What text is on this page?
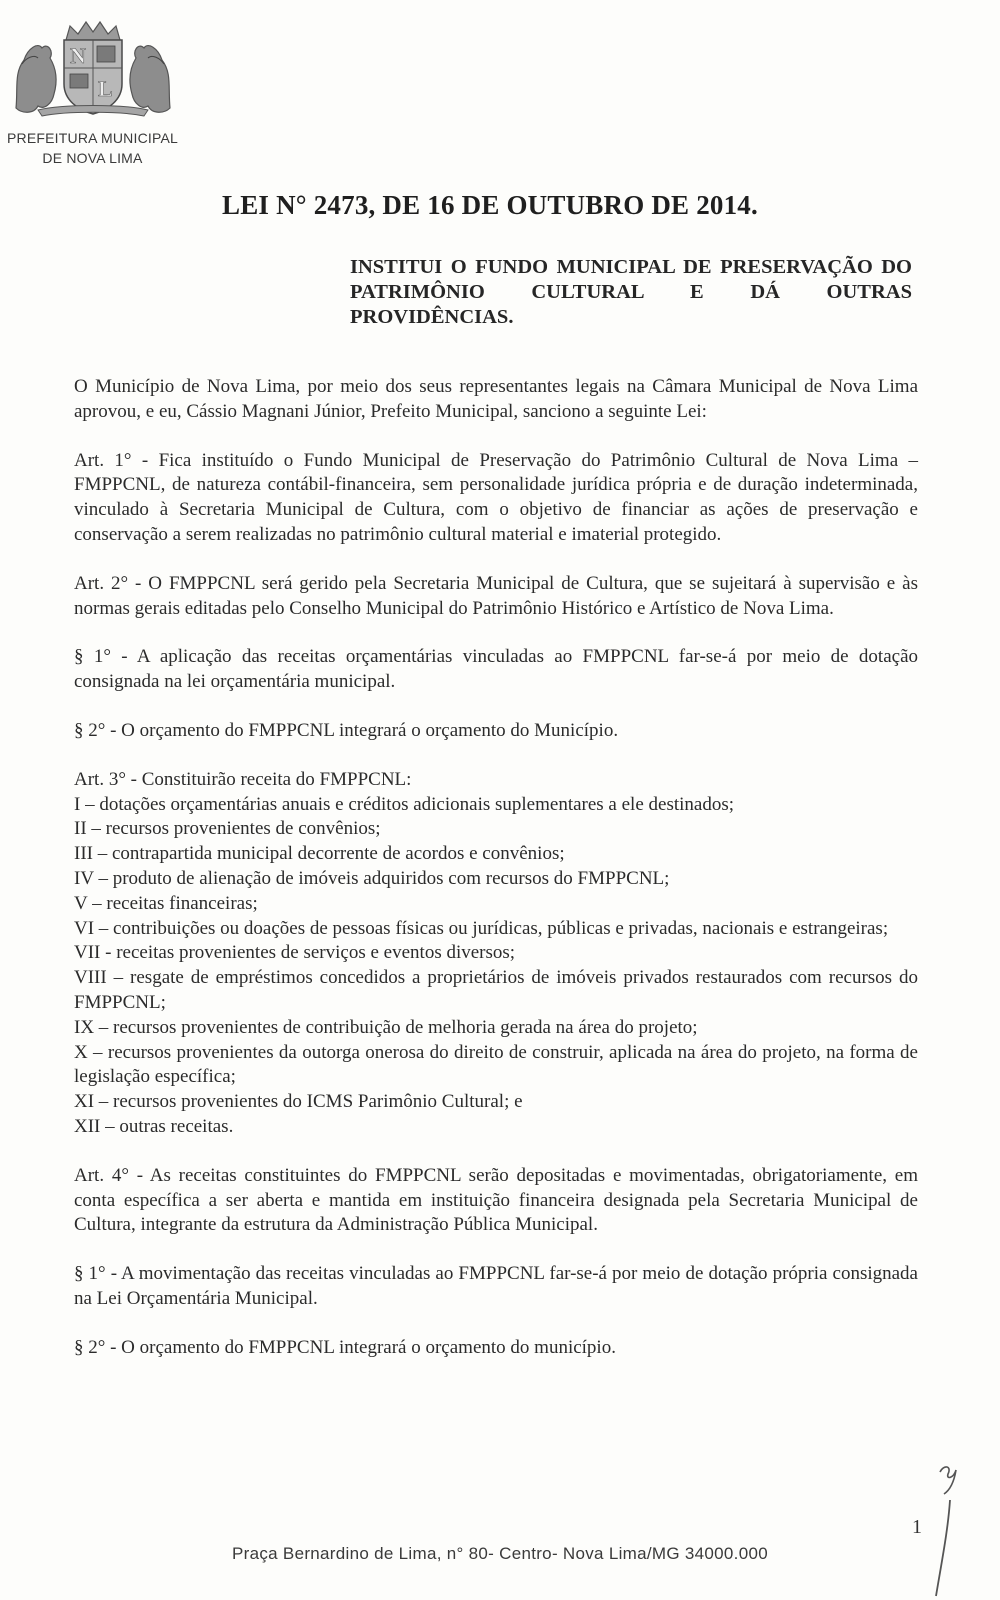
N
L
PREFEITURA MUNICIPAL
DE NOVA LIMA
LEI N° 2473, DE 16 DE OUTUBRO DE 2014.
INSTITUI O FUNDO MUNICIPAL DE PRESERVAÇÃO DO PATRIMÔNIO CULTURAL E DÁ OUTRAS PROVIDÊNCIAS.

O Município de Nova Lima, por meio dos seus representantes legais na Câmara Municipal de Nova Lima aprovou, e eu, Cássio Magnani Júnior, Prefeito Municipal, sanciono a seguinte Lei:

Art. 1° - Fica instituído o Fundo Municipal de Preservação do Patrimônio Cultural de Nova Lima – FMPPCNL, de natureza contábil-financeira, sem personalidade jurídica própria e de duração indeterminada, vinculado à Secretaria Municipal de Cultura, com o objetivo de financiar as ações de preservação e conservação a serem realizadas no patrimônio cultural material e imaterial protegido.

Art. 2° - O FMPPCNL será gerido pela Secretaria Municipal de Cultura, que se sujeitará à supervisão e às normas gerais editadas pelo Conselho Municipal do Patrimônio Histórico e Artístico de Nova Lima.

§ 1° - A aplicação das receitas orçamentárias vinculadas ao FMPPCNL far-se-á por meio de dotação consignada na lei orçamentária municipal.

§ 2° - O orçamento do FMPPCNL integrará o orçamento do Município.

Art. 3° - Constituirão receita do FMPPCNL:
I – dotações orçamentárias anuais e créditos adicionais suplementares a ele destinados;
II – recursos provenientes de convênios;
III – contrapartida municipal decorrente de acordos e convênios;
IV – produto de alienação de imóveis adquiridos com recursos do FMPPCNL;
V – receitas financeiras;
VI – contribuições ou doações de pessoas físicas ou jurídicas, públicas e privadas, nacionais e estrangeiras;
VII - receitas provenientes de serviços e eventos diversos;
VIII – resgate de empréstimos concedidos a proprietários de imóveis privados restaurados com recursos do FMPPCNL;
IX – recursos provenientes de contribuição de melhoria gerada na área do projeto;
X – recursos provenientes da outorga onerosa do direito de construir, aplicada na área do projeto, na forma de legislação específica;
XI – recursos provenientes do ICMS Parimônio Cultural; e
XII – outras receitas.

Art. 4° - As receitas constituintes do FMPPCNL serão depositadas e movimentadas, obrigatoriamente, em conta específica a ser aberta e mantida em instituição financeira designada pela Secretaria Municipal de Cultura, integrante da estrutura da Administração Pública Municipal.

§ 1° - A movimentação das receitas vinculadas ao FMPPCNL far-se-á por meio de dotação própria consignada na Lei Orçamentária Municipal.

§ 2° - O orçamento do FMPPCNL integrará o orçamento do município.

1
Praça Bernardino de Lima, n° 80- Centro- Nova Lima/MG 34000.000
